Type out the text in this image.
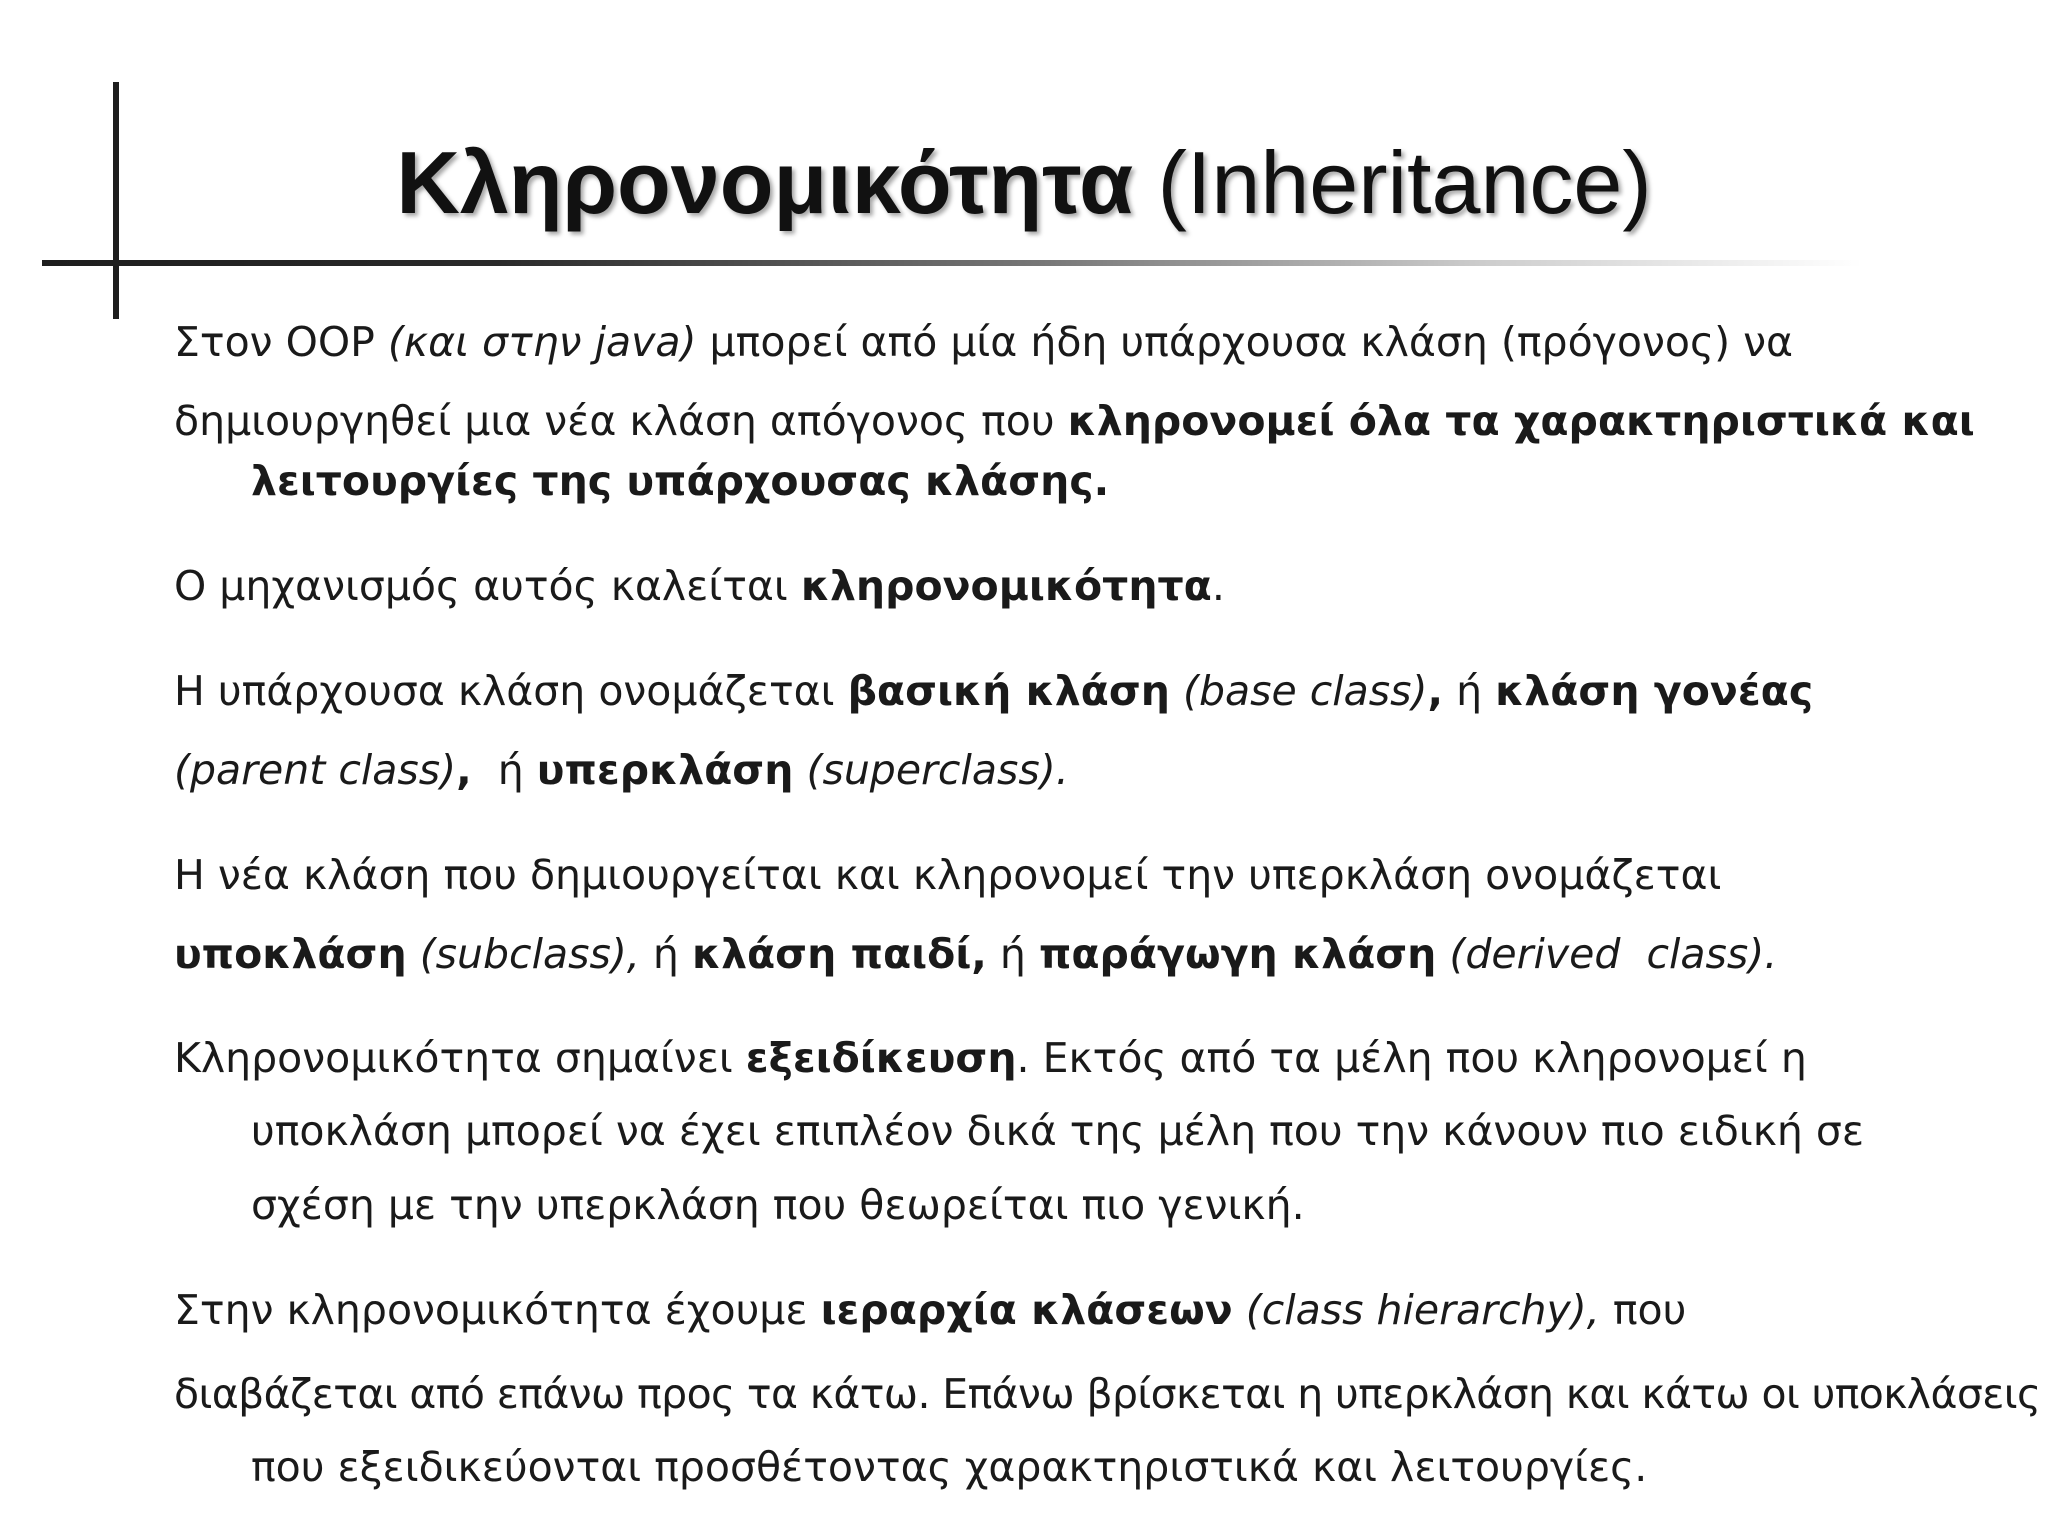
Κληρονομικότητα (Inheritance)
Στον OOP (και στην java) μπορεί από μία ήδη υπάρχουσα κλάση (πρόγονος) να
δημιουργηθεί μια νέα κλάση απόγονος που κληρονομεί όλα τα χαρακτηριστικά και
λειτουργίες της υπάρχουσας κλάσης.
Ο μηχανισμός αυτός καλείται κληρονομικότητα.
Η υπάρχουσα κλάση ονομάζεται βασική κλάση (base class), ή κλάση γονέας
(parent class),  ή υπερκλάση (superclass).
Η νέα κλάση που δημιουργείται και κληρονομεί την υπερκλάση ονομάζεται
υποκλάση (subclass), ή κλάση παιδί, ή παράγωγη κλάση (derived  class).
Κληρονομικότητα σημαίνει εξειδίκευση. Εκτός από τα μέλη που κληρονομεί η
υποκλάση μπορεί να έχει επιπλέον δικά της μέλη που την κάνουν πιο ειδική σε
σχέση με την υπερκλάση που θεωρείται πιο γενική.
Στην κληρονομικότητα έχουμε ιεραρχία κλάσεων (class hierarchy), που
διαβάζεται από επάνω προς τα κάτω. Επάνω βρίσκεται η υπερκλάση και κάτω οι υποκλάσεις
που εξειδικεύονται προσθέτοντας χαρακτηριστικά και λειτουργίες.
